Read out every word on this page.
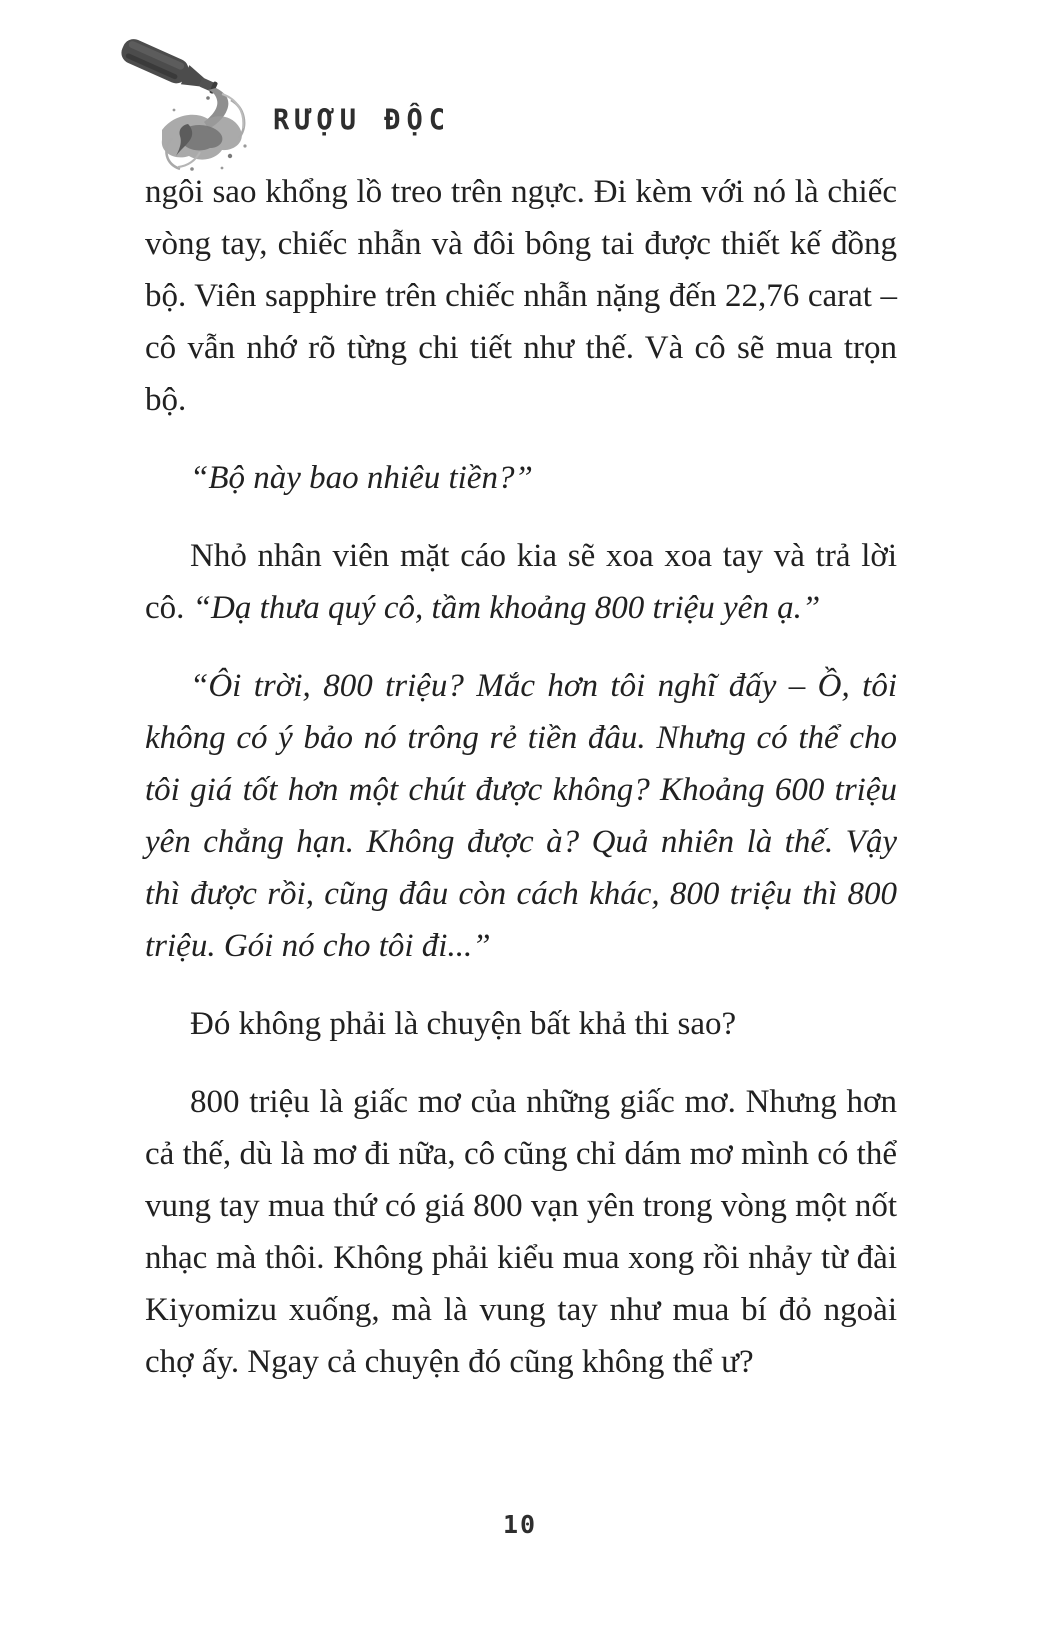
RƯỢU ĐỘC

ngôi sao khổng lồ treo trên ngực. Đi kèm với nó là chiếc vòng tay, chiếc nhẫn và đôi bông tai được thiết kế đồng bộ. Viên sapphire trên chiếc nhẫn nặng đến 22,76 carat – cô vẫn nhớ rõ từng chi tiết như thế. Và cô sẽ mua trọn bộ.

“Bộ này bao nhiêu tiền?”

Nhỏ nhân viên mặt cáo kia sẽ xoa xoa tay và trả lời cô. “Dạ thưa quý cô, tầm khoảng 800 triệu yên ạ.”

“Ôi trời, 800 triệu? Mắc hơn tôi nghĩ đấy – Ồ, tôi không có ý bảo nó trông rẻ tiền đâu. Nhưng có thể cho tôi giá tốt hơn một chút được không? Khoảng 600 triệu yên chẳng hạn. Không được à? Quả nhiên là thế. Vậy thì được rồi, cũng đâu còn cách khác, 800 triệu thì 800 triệu. Gói nó cho tôi đi...”

Đó không phải là chuyện bất khả thi sao?

800 triệu là giấc mơ của những giấc mơ. Nhưng hơn cả thế, dù là mơ đi nữa, cô cũng chỉ dám mơ mình có thể vung tay mua thứ có giá 800 vạn yên trong vòng một nốt nhạc mà thôi. Không phải kiểu mua xong rồi nhảy từ đài Kiyomizu xuống, mà là vung tay như mua bí đỏ ngoài chợ ấy. Ngay cả chuyện đó cũng không thể ư?

10
